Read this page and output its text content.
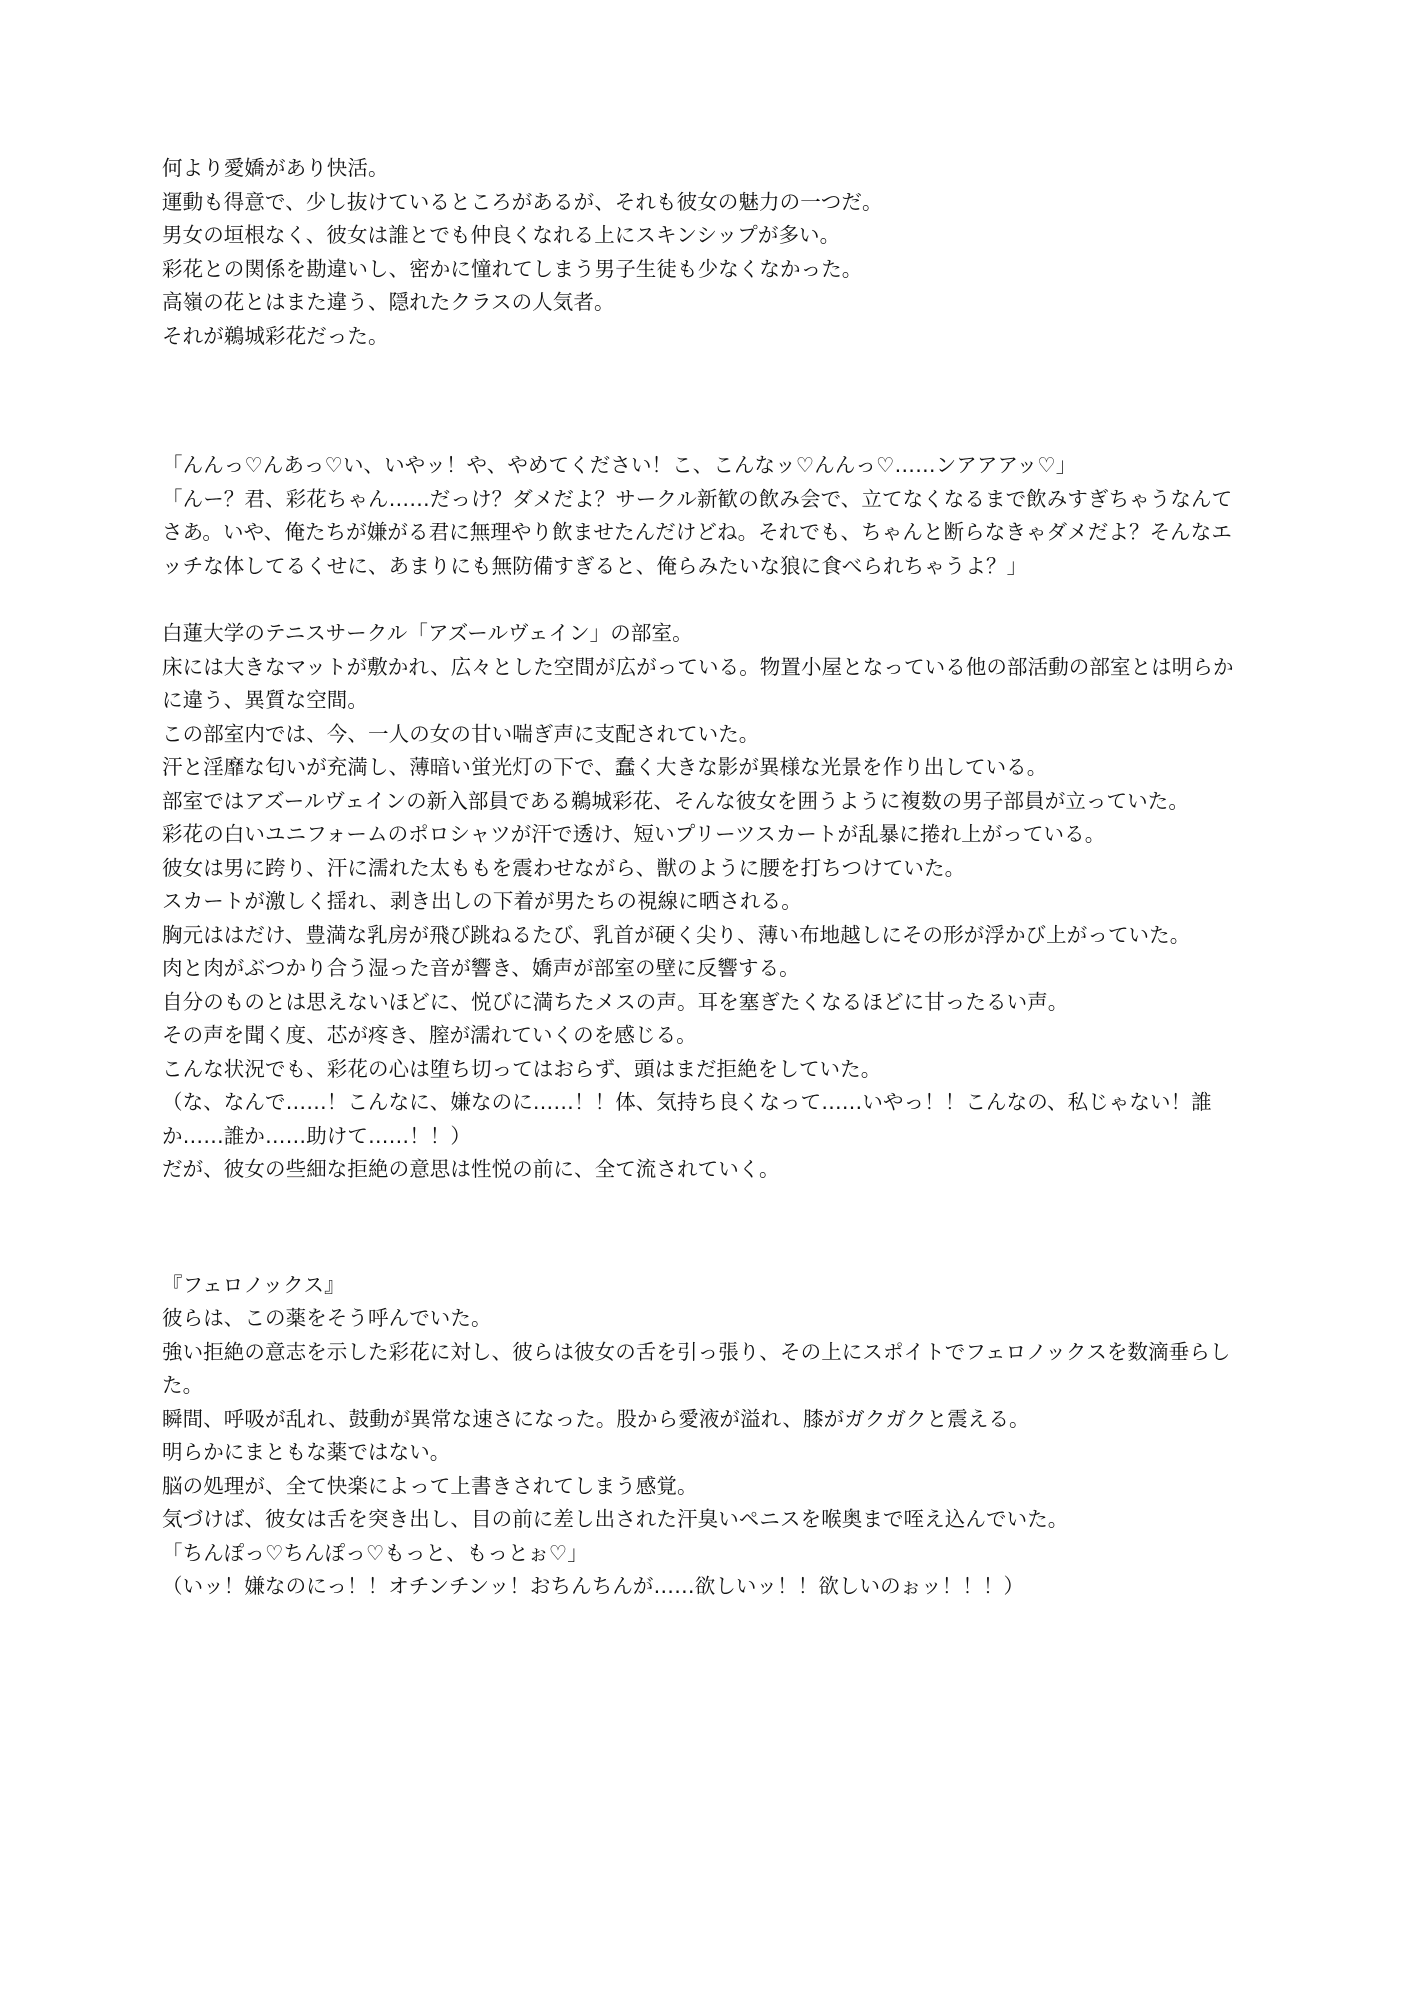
何より愛嬌があり快活。

運動も得意で、少し抜けているところがあるが、それも彼女の魅力の一つだ。

男女の垣根なく、彼女は誰とでも仲良くなれる上にスキンシップが多い。

彩花との関係を勘違いし、密かに憧れてしまう男子生徒も少なくなかった。

高嶺の花とはまた違う、隠れたクラスの人気者。

それが鵜城彩花だった。

「んんっ♡んあっ♡い、いやッ！や、やめてください！こ、こんなッ♡んんっ♡……ンアアアッ♡」

「んー？君、彩花ちゃん……だっけ？ダメだよ？サークル新歓の飲み会で、立てなくなるまで飲みすぎちゃうなんてさあ。いや、俺たちが嫌がる君に無理やり飲ませたんだけどね。それでも、ちゃんと断らなきゃダメだよ？そんなエッチな体してるくせに、あまりにも無防備すぎると、俺らみたいな狼に食べられちゃうよ？」

白蓮大学のテニスサークル「アズールヴェイン」の部室。

床には大きなマットが敷かれ、広々とした空間が広がっている。物置小屋となっている他の部活動の部室とは明らかに違う、異質な空間。

この部室内では、今、一人の女の甘い喘ぎ声に支配されていた。

汗と淫靡な匂いが充満し、薄暗い蛍光灯の下で、蠢く大きな影が異様な光景を作り出している。

部室ではアズールヴェインの新入部員である鵜城彩花、そんな彼女を囲うように複数の男子部員が立っていた。

彩花の白いユニフォームのポロシャツが汗で透け、短いプリーツスカートが乱暴に捲れ上がっている。

彼女は男に跨り、汗に濡れた太ももを震わせながら、獣のように腰を打ちつけていた。

スカートが激しく揺れ、剥き出しの下着が男たちの視線に晒される。

胸元ははだけ、豊満な乳房が飛び跳ねるたび、乳首が硬く尖り、薄い布地越しにその形が浮かび上がっていた。

肉と肉がぶつかり合う湿った音が響き、嬌声が部室の壁に反響する。

自分のものとは思えないほどに、悦びに満ちたメスの声。耳を塞ぎたくなるほどに甘ったるい声。

その声を聞く度、芯が疼き、膣が濡れていくのを感じる。

こんな状況でも、彩花の心は堕ち切ってはおらず、頭はまだ拒絶をしていた。

（な、なんで……！こんなに、嫌なのに……！！体、気持ち良くなって……いやっ！！こんなの、私じゃない！誰か……誰か……助けて……！！）

だが、彼女の些細な拒絶の意思は性悦の前に、全て流されていく。

『フェロノックス』

彼らは、この薬をそう呼んでいた。

強い拒絶の意志を示した彩花に対し、彼らは彼女の舌を引っ張り、その上にスポイトでフェロノックスを数滴垂らした。

瞬間、呼吸が乱れ、鼓動が異常な速さになった。股から愛液が溢れ、膝がガクガクと震える。

明らかにまともな薬ではない。

脳の処理が、全て快楽によって上書きされてしまう感覚。

気づけば、彼女は舌を突き出し、目の前に差し出された汗臭いペニスを喉奥まで咥え込んでいた。

「ちんぽっ♡ちんぽっ♡もっと、もっとぉ♡」

（いッ！嫌なのにっ！！オチンチンッ！おちんちんが……欲しいッ！！欲しいのぉッ！！！）
